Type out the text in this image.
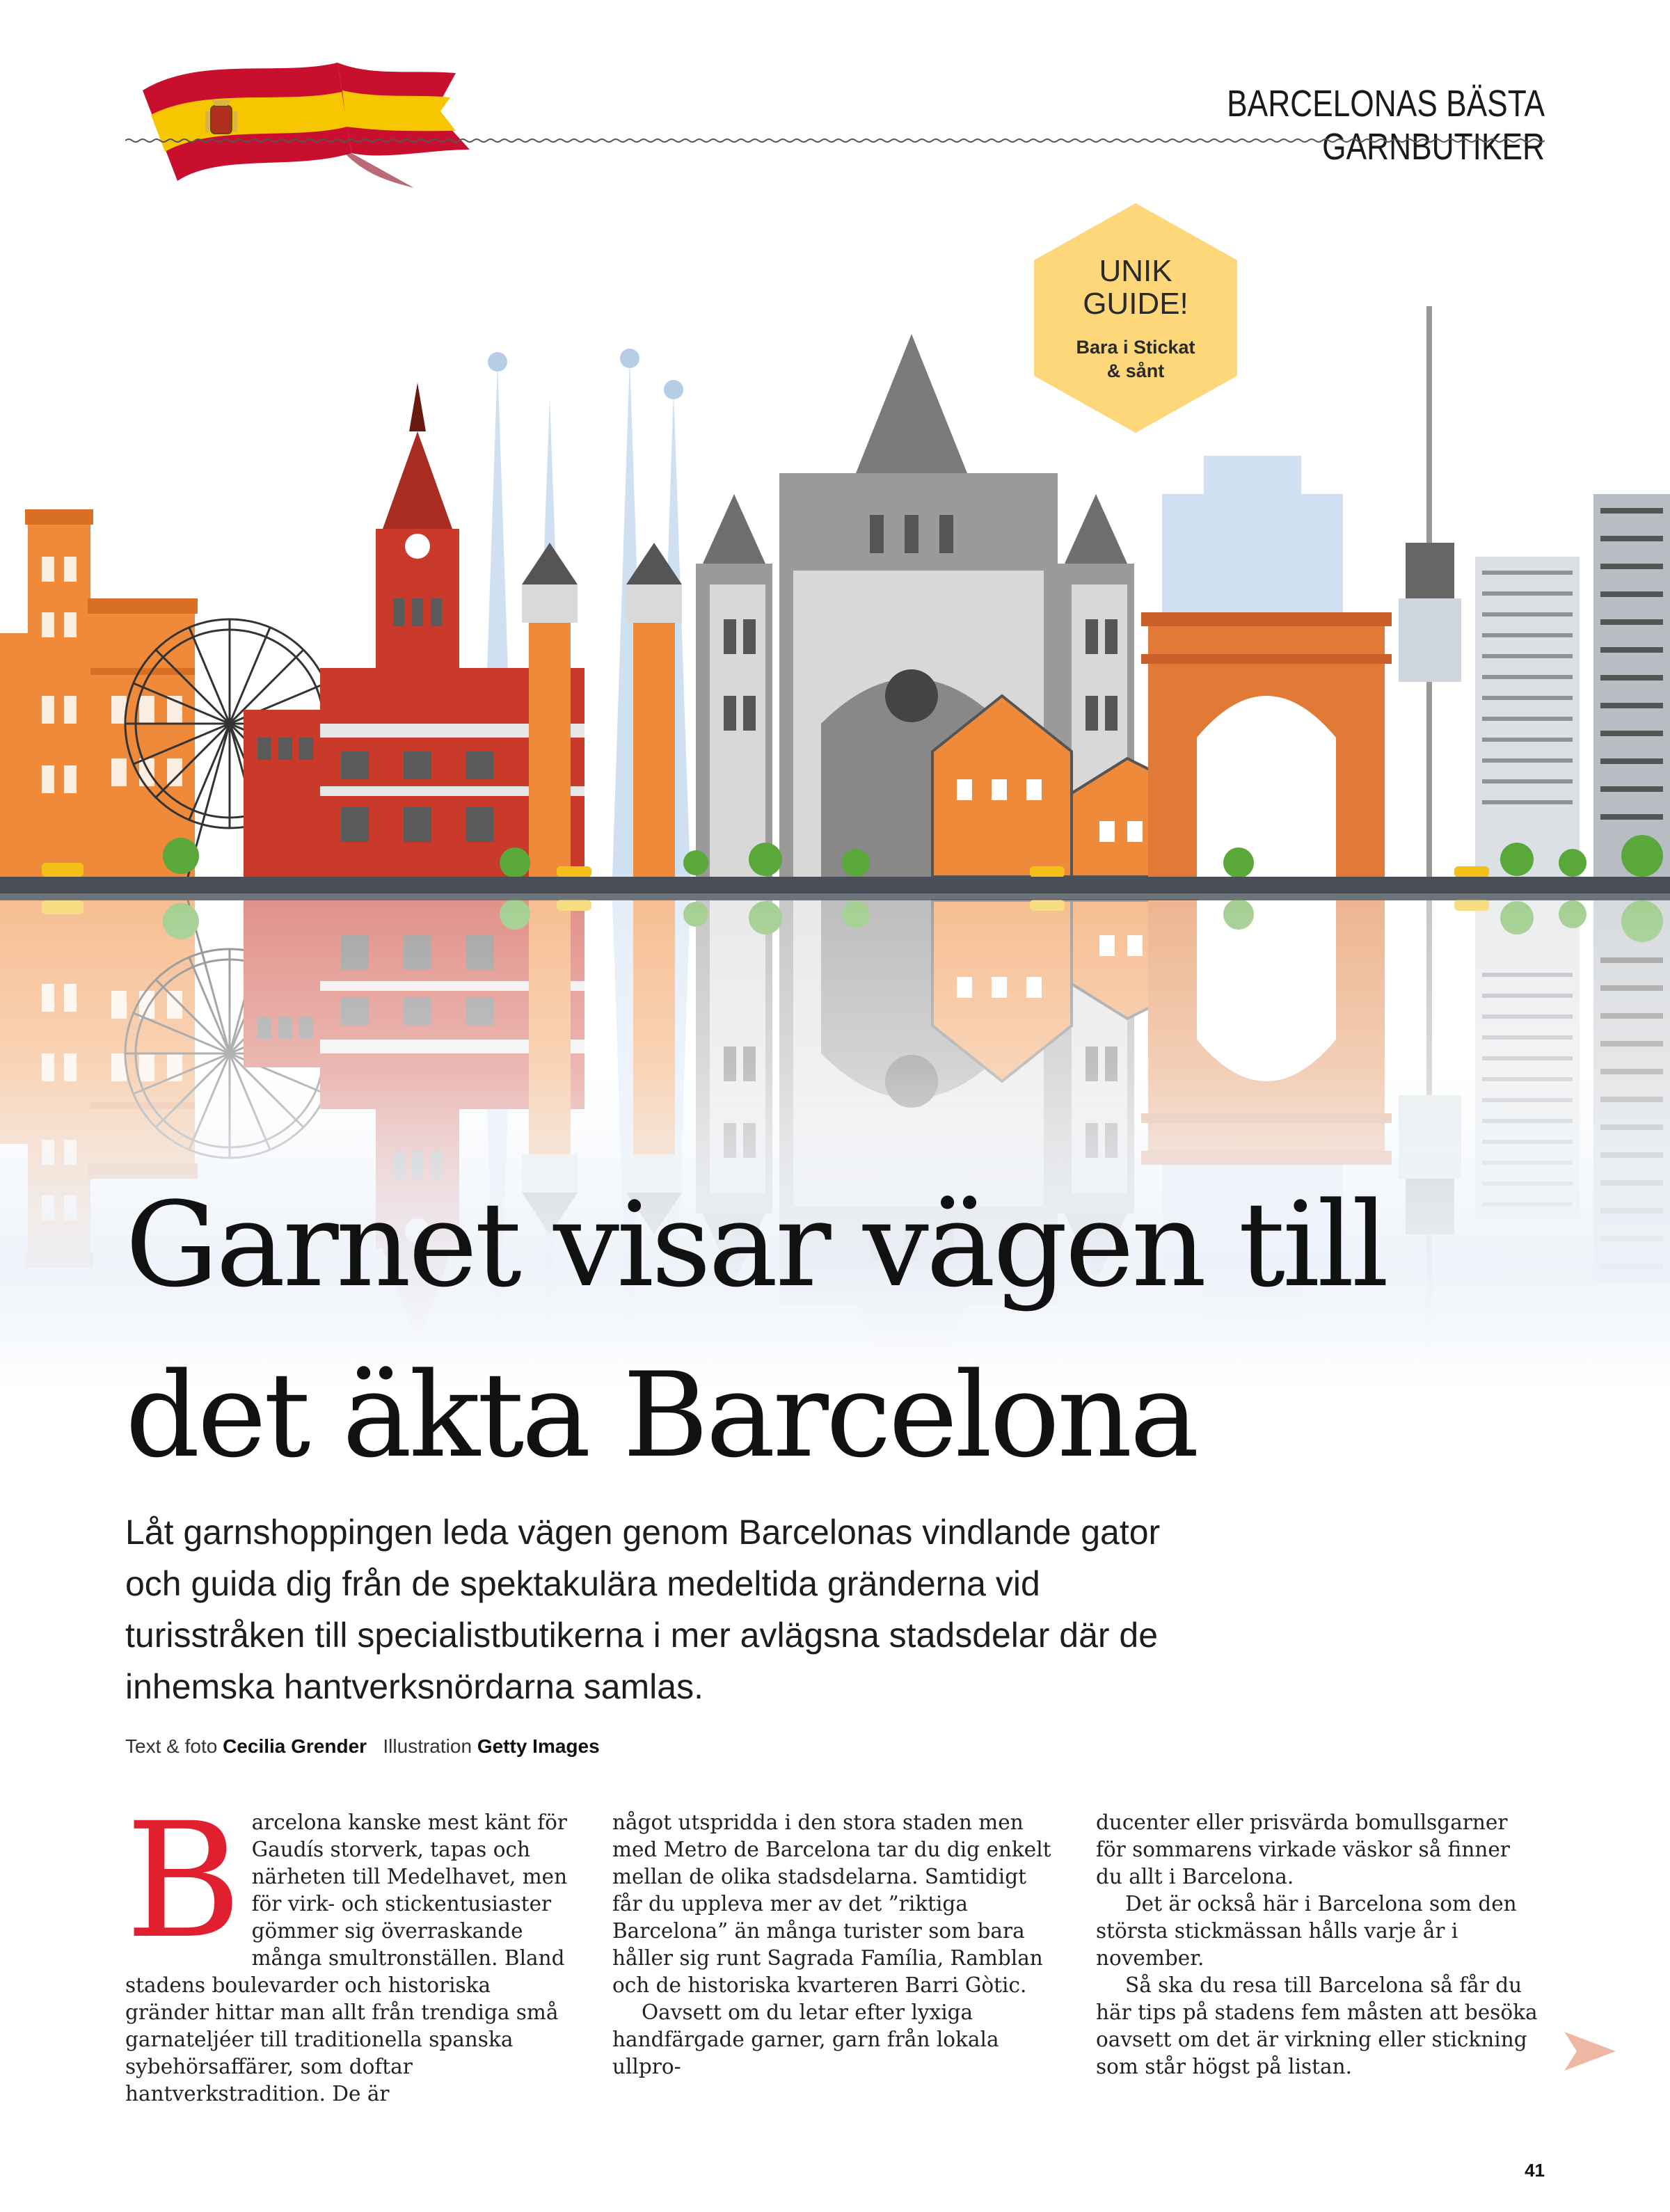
BARCELONAS BÄSTA GARNBUTIKER
UNIK
GUIDE!
Bara i Stickat
& sånt
Garnet visar vägen till
det äkta Barcelona
Låt garnshoppingen leda vägen genom Barcelonas vindlande gator och guida dig från de spektakulära medeltida gränderna vid turisstråken till specialistbutikerna i mer avlägsna stadsdelar där de inhemska hantverksnördarna samlas.
Text & foto Cecilia Grender Illustration Getty Images
B arcelona kanske mest känt för Gaudís storverk, tapas och närheten till Medelhavet, men för virk- och stickentusiaster gömmer sig överraskande många smultronställen. Bland stadens boulevarder och historiska gränder hittar man allt från trendiga små garnateljéer till traditionella spanska sybehörsaffärer, som doftar hantverkstradition. De är

något utspridda i den stora staden men med Metro de Barcelona tar du dig enkelt mellan de olika stadsdelarna. Samtidigt får du uppleva mer av det ”riktiga Barcelona” än många turister som bara håller sig runt Sagrada Família, Ramblan och de historiska kvarteren Barri Gòtic.

Oavsett om du letar efter lyxiga handfärgade garner, garn från lokala ullpro-

ducenter eller prisvärda bomullsgarner för sommarens virkade väskor så finner du allt i Barcelona.

Det är också här i Barcelona som den största stickmässan hålls varje år i november.

Så ska du resa till Barcelona så får du här tips på stadens fem måsten att besöka oavsett om det är virkning eller stickning som står högst på listan.

41
